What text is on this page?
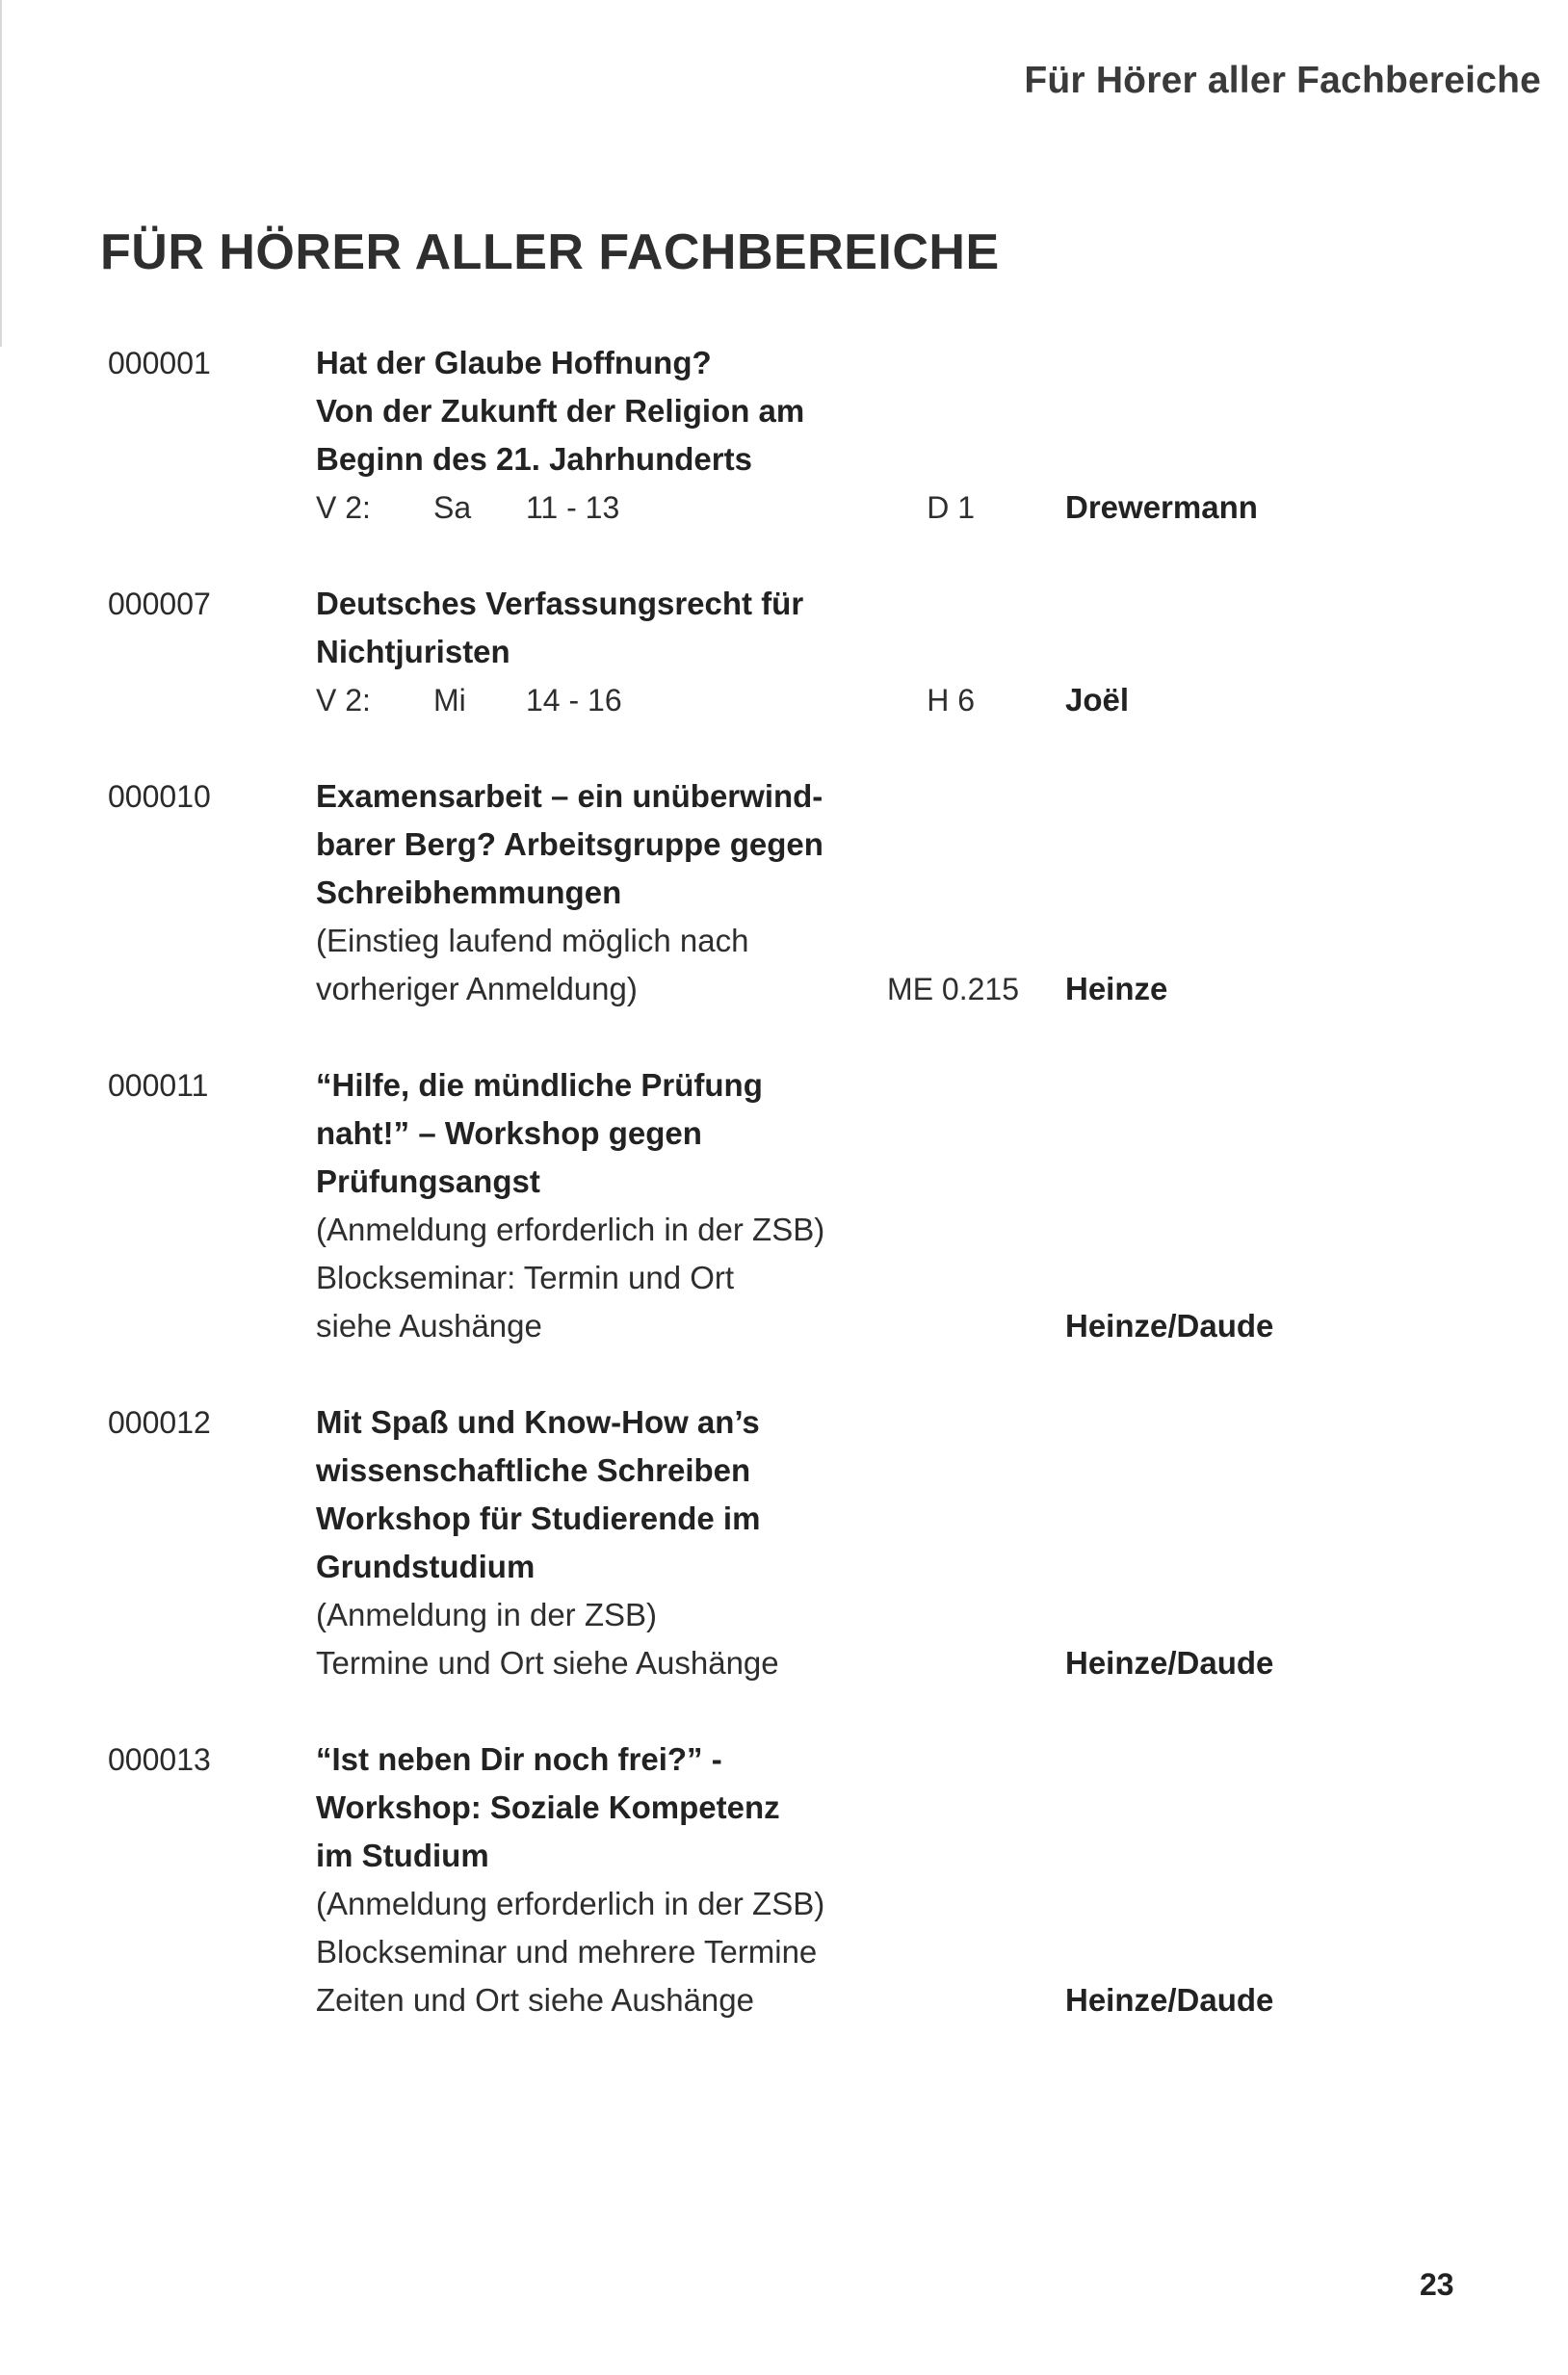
Für Hörer aller Fachbereiche
FÜR HÖRER ALLER FACHBEREICHE
000001	Hat der Glaube Hoffnung?
Von der Zukunft der Religion am
Beginn des 21. Jahrhunderts
V 2: Sa 11 - 13	D 1	Drewermann
000007	Deutsches Verfassungsrecht für
Nichtjuristen
V 2: Mi 14 - 16	H 6	Joël
000010	Examensarbeit – ein unüberwind-
barer Berg? Arbeitsgruppe gegen
Schreibhemmungen
(Einstieg laufend möglich nach
vorheriger Anmeldung)	ME 0.215 Heinze
000011	“Hilfe, die mündliche Prüfung
naht!” – Workshop gegen
Prüfungsangst
(Anmeldung erforderlich in der ZSB)
Blockseminar: Termin und Ort
siehe Aushänge	Heinze/Daude
000012	Mit Spaß und Know-How an’s
wissenschaftliche Schreiben
Workshop für Studierende im
Grundstudium
(Anmeldung in der ZSB)
Termine und Ort siehe Aushänge	Heinze/Daude
000013	“Ist neben Dir noch frei?” -
Workshop: Soziale Kompetenz
im Studium
(Anmeldung erforderlich in der ZSB)
Blockseminar und mehrere Termine
Zeiten und Ort siehe Aushänge	Heinze/Daude
23
